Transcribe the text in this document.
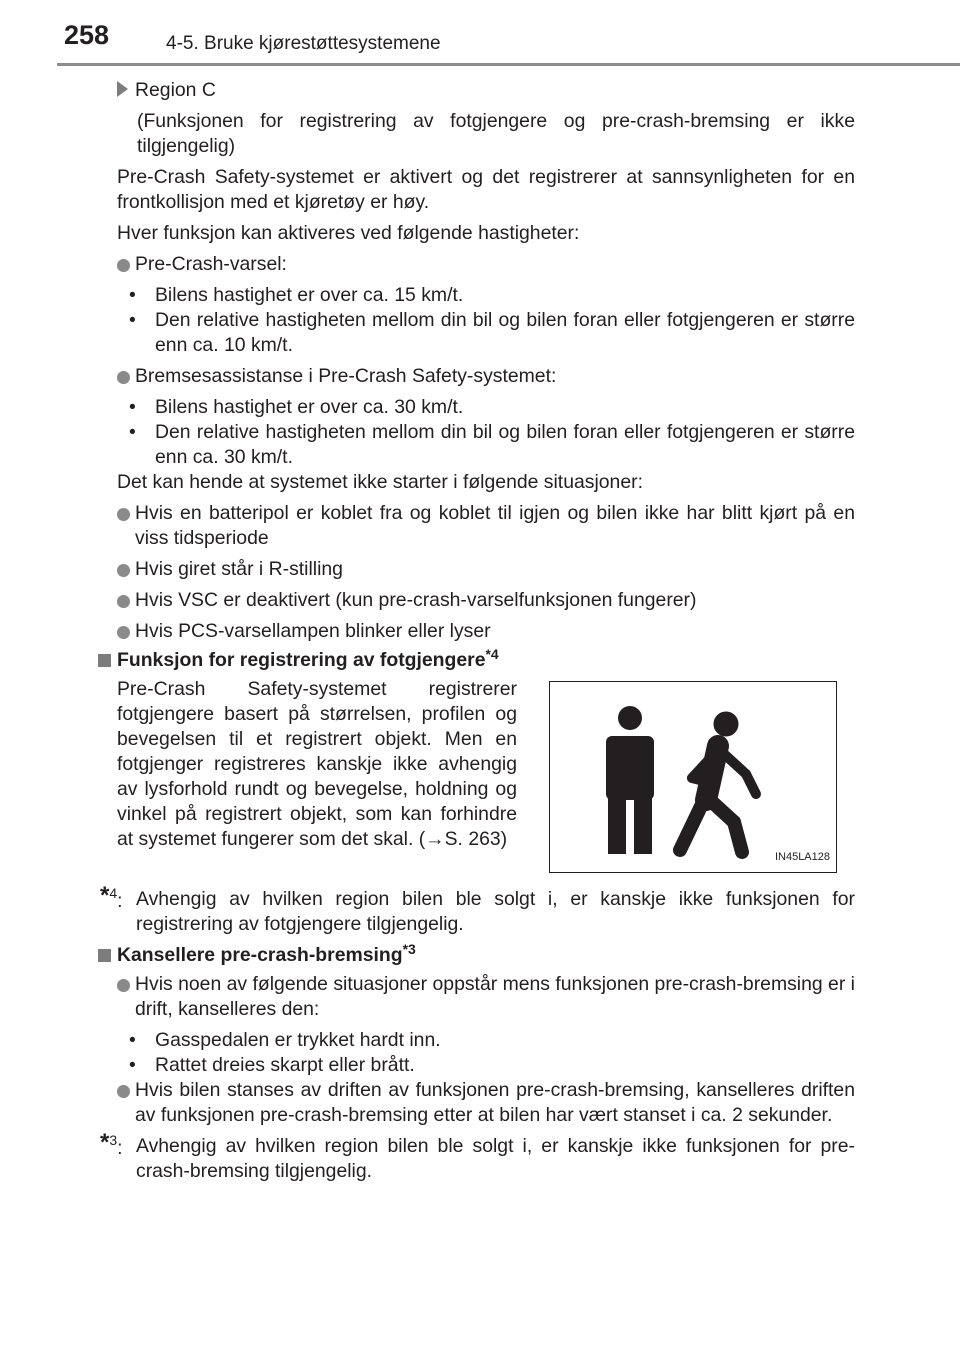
258	4-5. Bruke kjørestøttesystemene

Region C

(Funksjonen for registrering av fotgjengere og pre-crash-bremsing er ikke tilgjengelig)

Pre-Crash Safety-systemet er aktivert og det registrerer at sannsynligheten for en frontkollisjon med et kjøretøy er høy.

Hver funksjon kan aktiveres ved følgende hastigheter:

Pre-Crash-varsel:
• Bilens hastighet er over ca. 15 km/t.
• Den relative hastigheten mellom din bil og bilen foran eller fotgjengeren er større enn ca. 10 km/t.
Bremsesassistanse i Pre-Crash Safety-systemet:
• Bilens hastighet er over ca. 30 km/t.
• Den relative hastigheten mellom din bil og bilen foran eller fotgjengeren er større enn ca. 30 km/t.

Det kan hende at systemet ikke starter i følgende situasjoner:

Hvis en batteripol er koblet fra og koblet til igjen og bilen ikke har blitt kjørt på en viss tidsperiode
Hvis giret står i R-stilling
Hvis VSC er deaktivert (kun pre-crash-varselfunksjonen fungerer)
Hvis PCS-varsellampen blinker eller lyser
Funksjon for registrering av fotgjengere$^{*4}$
Pre-Crash Safety-systemet registrerer fotgjengere basert på størrelsen, profilen og bevegelsen til et registrert objekt. Men en fotgjenger registreres kanskje ikke avhengig av lysforhold rundt og bevegelse, holdning og vinkel på registrert objekt, som kan forhindre at systemet fungerer som det skal. (→S. 263)
IN45LA128
*$^4$: Avhengig av hvilken region bilen ble solgt i, er kanskje ikke funksjonen for registrering av fotgjengere tilgjengelig.
Kansellere pre-crash-bremsing$^{*3}$
Hvis noen av følgende situasjoner oppstår mens funksjonen pre-crash-bremsing er i drift, kanselleres den:
• Gasspedalen er trykket hardt inn.
• Rattet dreies skarpt eller brått.
Hvis bilen stanses av driften av funksjonen pre-crash-bremsing, kanselleres driften av funksjonen pre-crash-bremsing etter at bilen har vært stanset i ca. 2 sekunder.
*$^3$: Avhengig av hvilken region bilen ble solgt i, er kanskje ikke funksjonen for pre-crash-bremsing tilgjengelig.
